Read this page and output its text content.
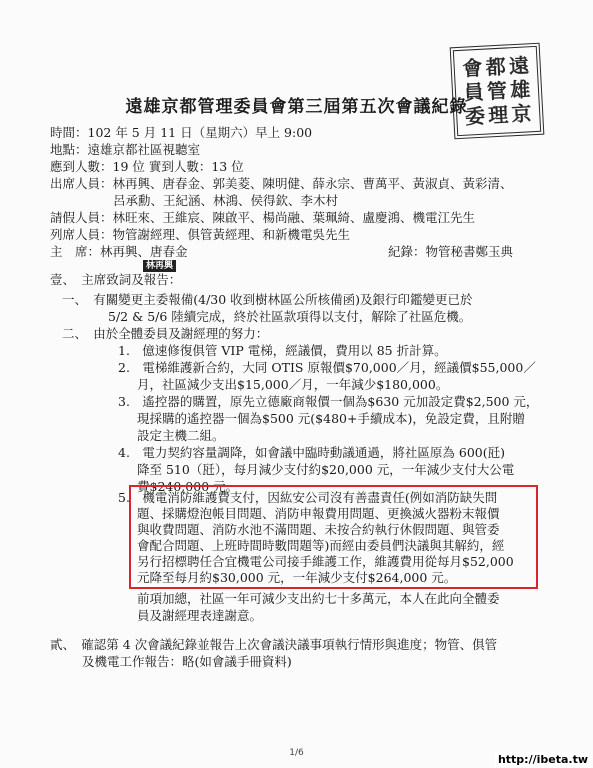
會 都 遠
員 管 雄
委 理 京
遠雄京都管理委員會第三屆第五次會議紀錄
時間：102 年 5 月 11 日（星期六）早上 9:00
地點：遠雄京都社區視聽室
應到人數：19 位 實到人數：13 位
出席人員：林再興、唐春金、郭美菱、陳明健、薛永宗、曹萬平、黃淑貞、黃彩清、
呂承勳、王紀涵、林鴻、侯得欽、李木村
請假人員：林旺來、王維宸、陳啟平、楊尚融、葉珮綺、盧慶鴻、機電江先生
列席人員：物管謝經理、俱管黃經理、和新機電吳先生
主　席：林再興、唐春金	紀錄：物管秘書鄭玉典
壹、　主席致詞及報告：
林再興
一、　有關變更主委報備(4/30 收到樹林區公所核備函)及銀行印鑑變更已於
5/2 & 5/6 陸續完成，終於社區款項得以支付，解除了社區危機。
二、　由於全體委員及謝經理的努力：
1.　億速修復俱管 VIP 電梯，經議價，費用以 85 折計算。
2.　電梯維護新合約，大同 OTIS 原報價$70,000／月，經議價$55,000／
月，社區減少支出$15,000／月，一年減少$180,000。
3.　遙控器的購置，原先立德廠商報價一個為$630 元加設定費$2,500 元，
現採購的遙控器一個為$500 元($480+手續成本)，免設定費，且附贈
設定主機二組。
4.　電力契約容量調降，如會議中臨時動議通過，將社區原為 600(瓩)
降至 510（瓩），每月減少支付約$20,000 元，一年減少支付大公電
費$240,000 元。
5.　機電消防維護費支付，因紘安公司沒有善盡責任(例如消防缺失問
題、採購燈泡帳目問題、消防申報費用問題、更換滅火器粉末報價
與收費問題、消防水池不滿問題、未按合約執行休假問題、與管委
會配合問題、上班時間時數問題等)而經由委員們決議與其解約，經
另行招標聘任合宜機電公司接手維護工作，維護費用從每月$52,000
元降至每月約$30,000 元，一年減少支付$264,000 元。
前項加總，社區一年可減少支出約七十多萬元，本人在此向全體委
員及謝經理表達謝意。
貳、　確認第 4 次會議紀錄並報告上次會議決議事項執行情形與進度；物管、俱管
及機電工作報告：略(如會議手冊資料)
1/6	http://ibeta.tw
